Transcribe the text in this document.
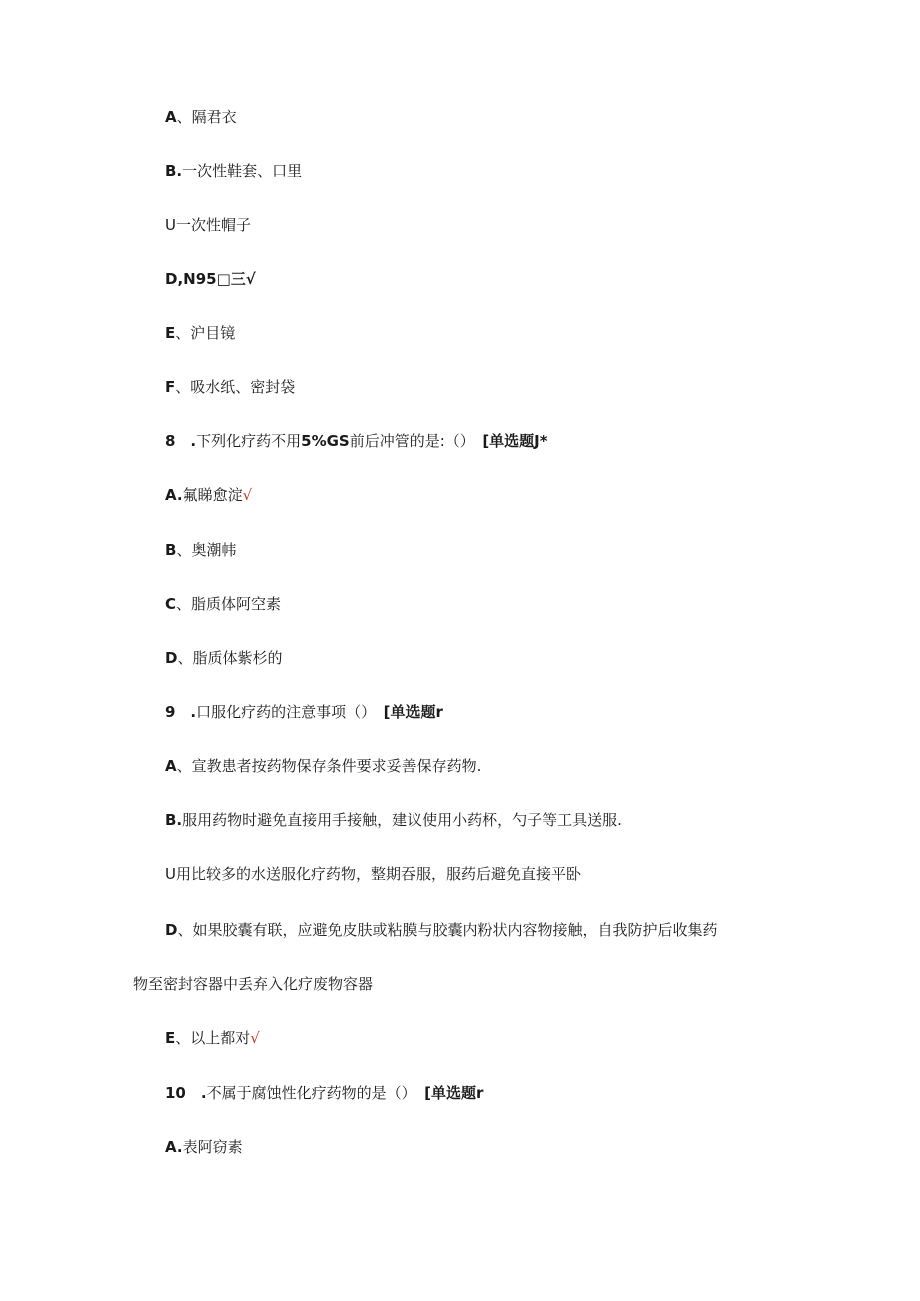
A、隔君衣
B.一次性鞋套、口里
U一次性帽子
D,N95□三√
E、沪目镜
F、吸水纸、密封袋
8　.下列化疗药不用5%GS前后冲管的是:（）　 [单选题J*
A.氟睇愈淀√
B、奥潮帏
C、脂质体阿空素
D、脂质体紫杉的
9　.口服化疗药的注意事项（）　 [单选题r
A、宣教患者按药物保存条件要求妥善保存药物.
B.服用药物时避免直接用手接触，建议使用小药杯，勺子等工具送服.
U用比较多的水送服化疗药物，整期吞服，服药后避免直接平卧
D、如果胶囊有联，应避免皮肤或粘膜与胶囊内粉状内容物接触，自我防护后收集药
物至密封容器中丢弃入化疗废物容器
E、以上都对√
10　.不属于腐蚀性化疗药物的是（）　 [单选题r
A.表阿窃素
